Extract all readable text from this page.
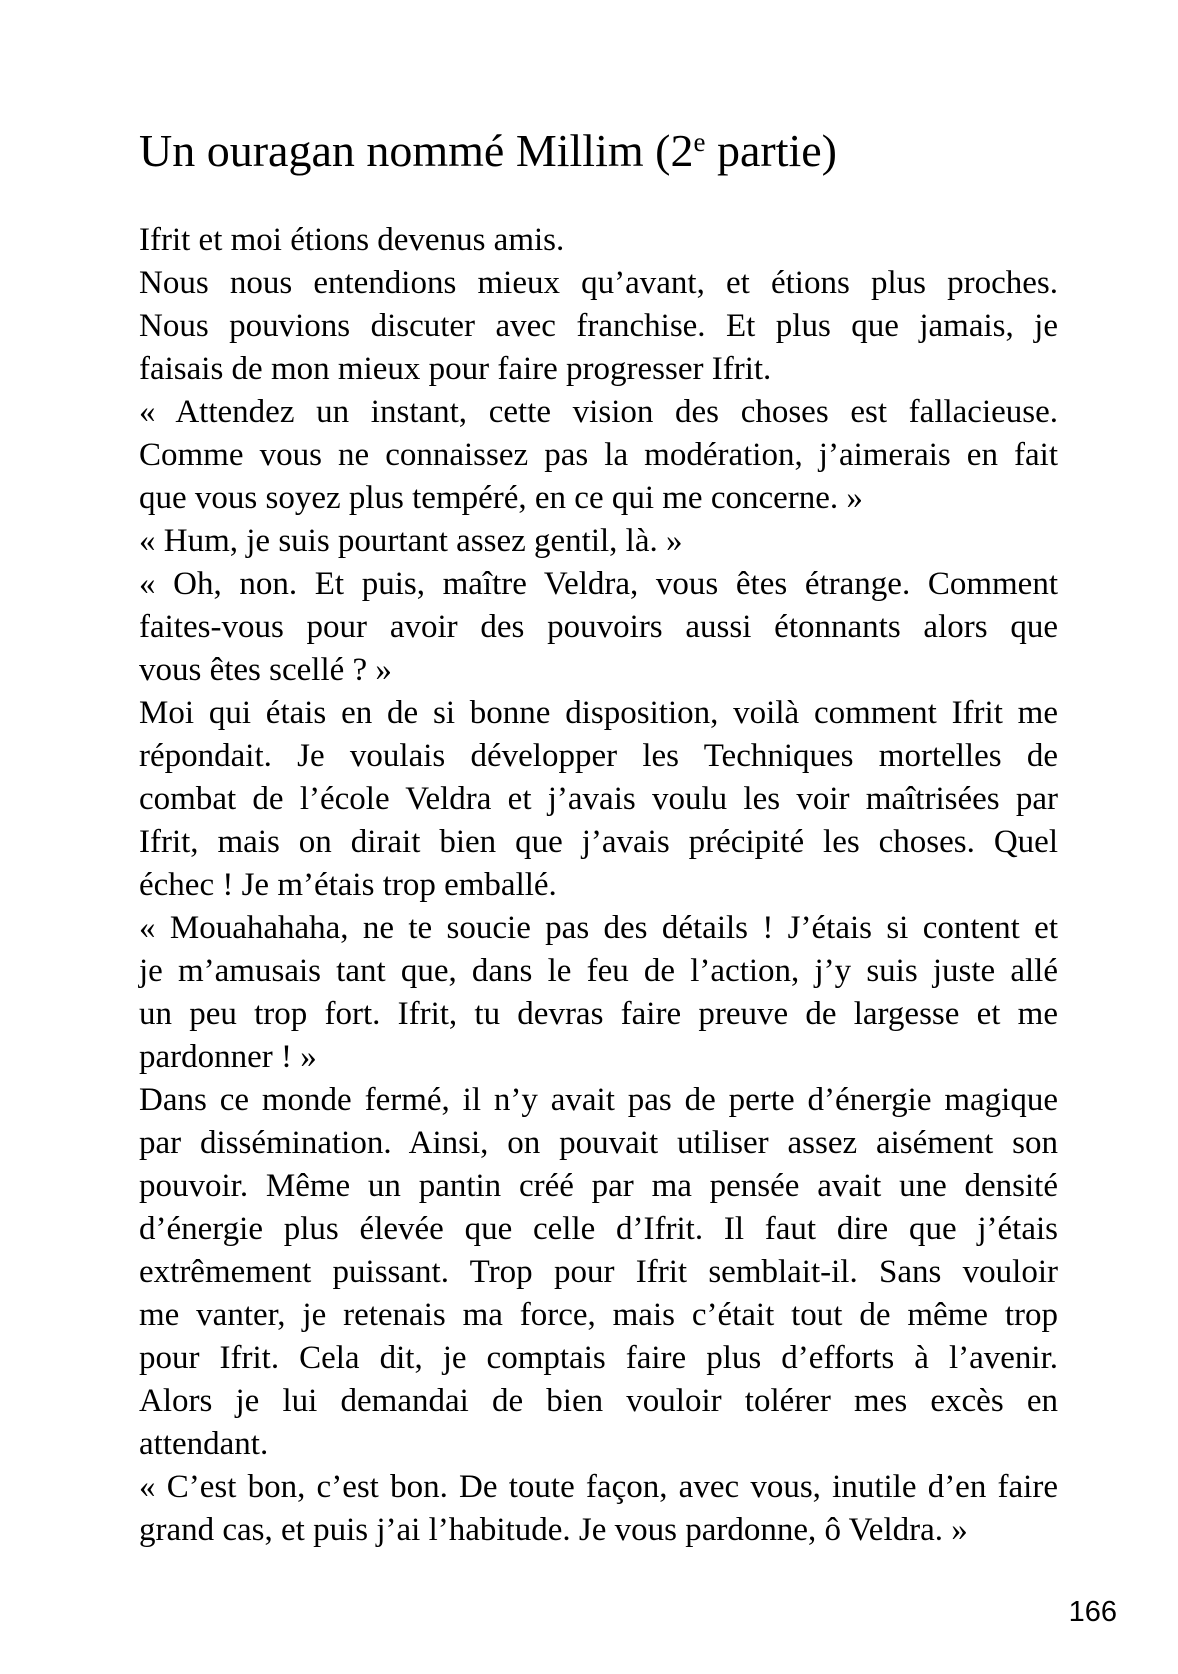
Un ouragan nommé Millim (2e partie)
Ifrit et moi étions devenus amis.
Nous nous entendions mieux qu’avant, et étions plus proches.
Nous pouvions discuter avec franchise. Et plus que jamais, je
faisais de mon mieux pour faire progresser Ifrit.
« Attendez un instant, cette vision des choses est fallacieuse.
Comme vous ne connaissez pas la modération, j’aimerais en fait
que vous soyez plus tempéré, en ce qui me concerne. »
« Hum, je suis pourtant assez gentil, là. »
« Oh, non. Et puis, maître Veldra, vous êtes étrange. Comment
faites-vous pour avoir des pouvoirs aussi étonnants alors que
vous êtes scellé ? »
Moi qui étais en de si bonne disposition, voilà comment Ifrit me
répondait. Je voulais développer les Techniques mortelles de
combat de l’école Veldra et j’avais voulu les voir maîtrisées par
Ifrit, mais on dirait bien que j’avais précipité les choses. Quel
échec ! Je m’étais trop emballé.
« Mouahahaha, ne te soucie pas des détails ! J’étais si content et
je m’amusais tant que, dans le feu de l’action, j’y suis juste allé
un peu trop fort. Ifrit, tu devras faire preuve de largesse et me
pardonner ! »
Dans ce monde fermé, il n’y avait pas de perte d’énergie magique
par dissémination. Ainsi, on pouvait utiliser assez aisément son
pouvoir. Même un pantin créé par ma pensée avait une densité
d’énergie plus élevée que celle d’Ifrit. Il faut dire que j’étais
extrêmement puissant. Trop pour Ifrit semblait-il. Sans vouloir
me vanter, je retenais ma force, mais c’était tout de même trop
pour Ifrit. Cela dit, je comptais faire plus d’efforts à l’avenir.
Alors je lui demandai de bien vouloir tolérer mes excès en
attendant.
« C’est bon, c’est bon. De toute façon, avec vous, inutile d’en faire
grand cas, et puis j’ai l’habitude. Je vous pardonne, ô Veldra. »
166
